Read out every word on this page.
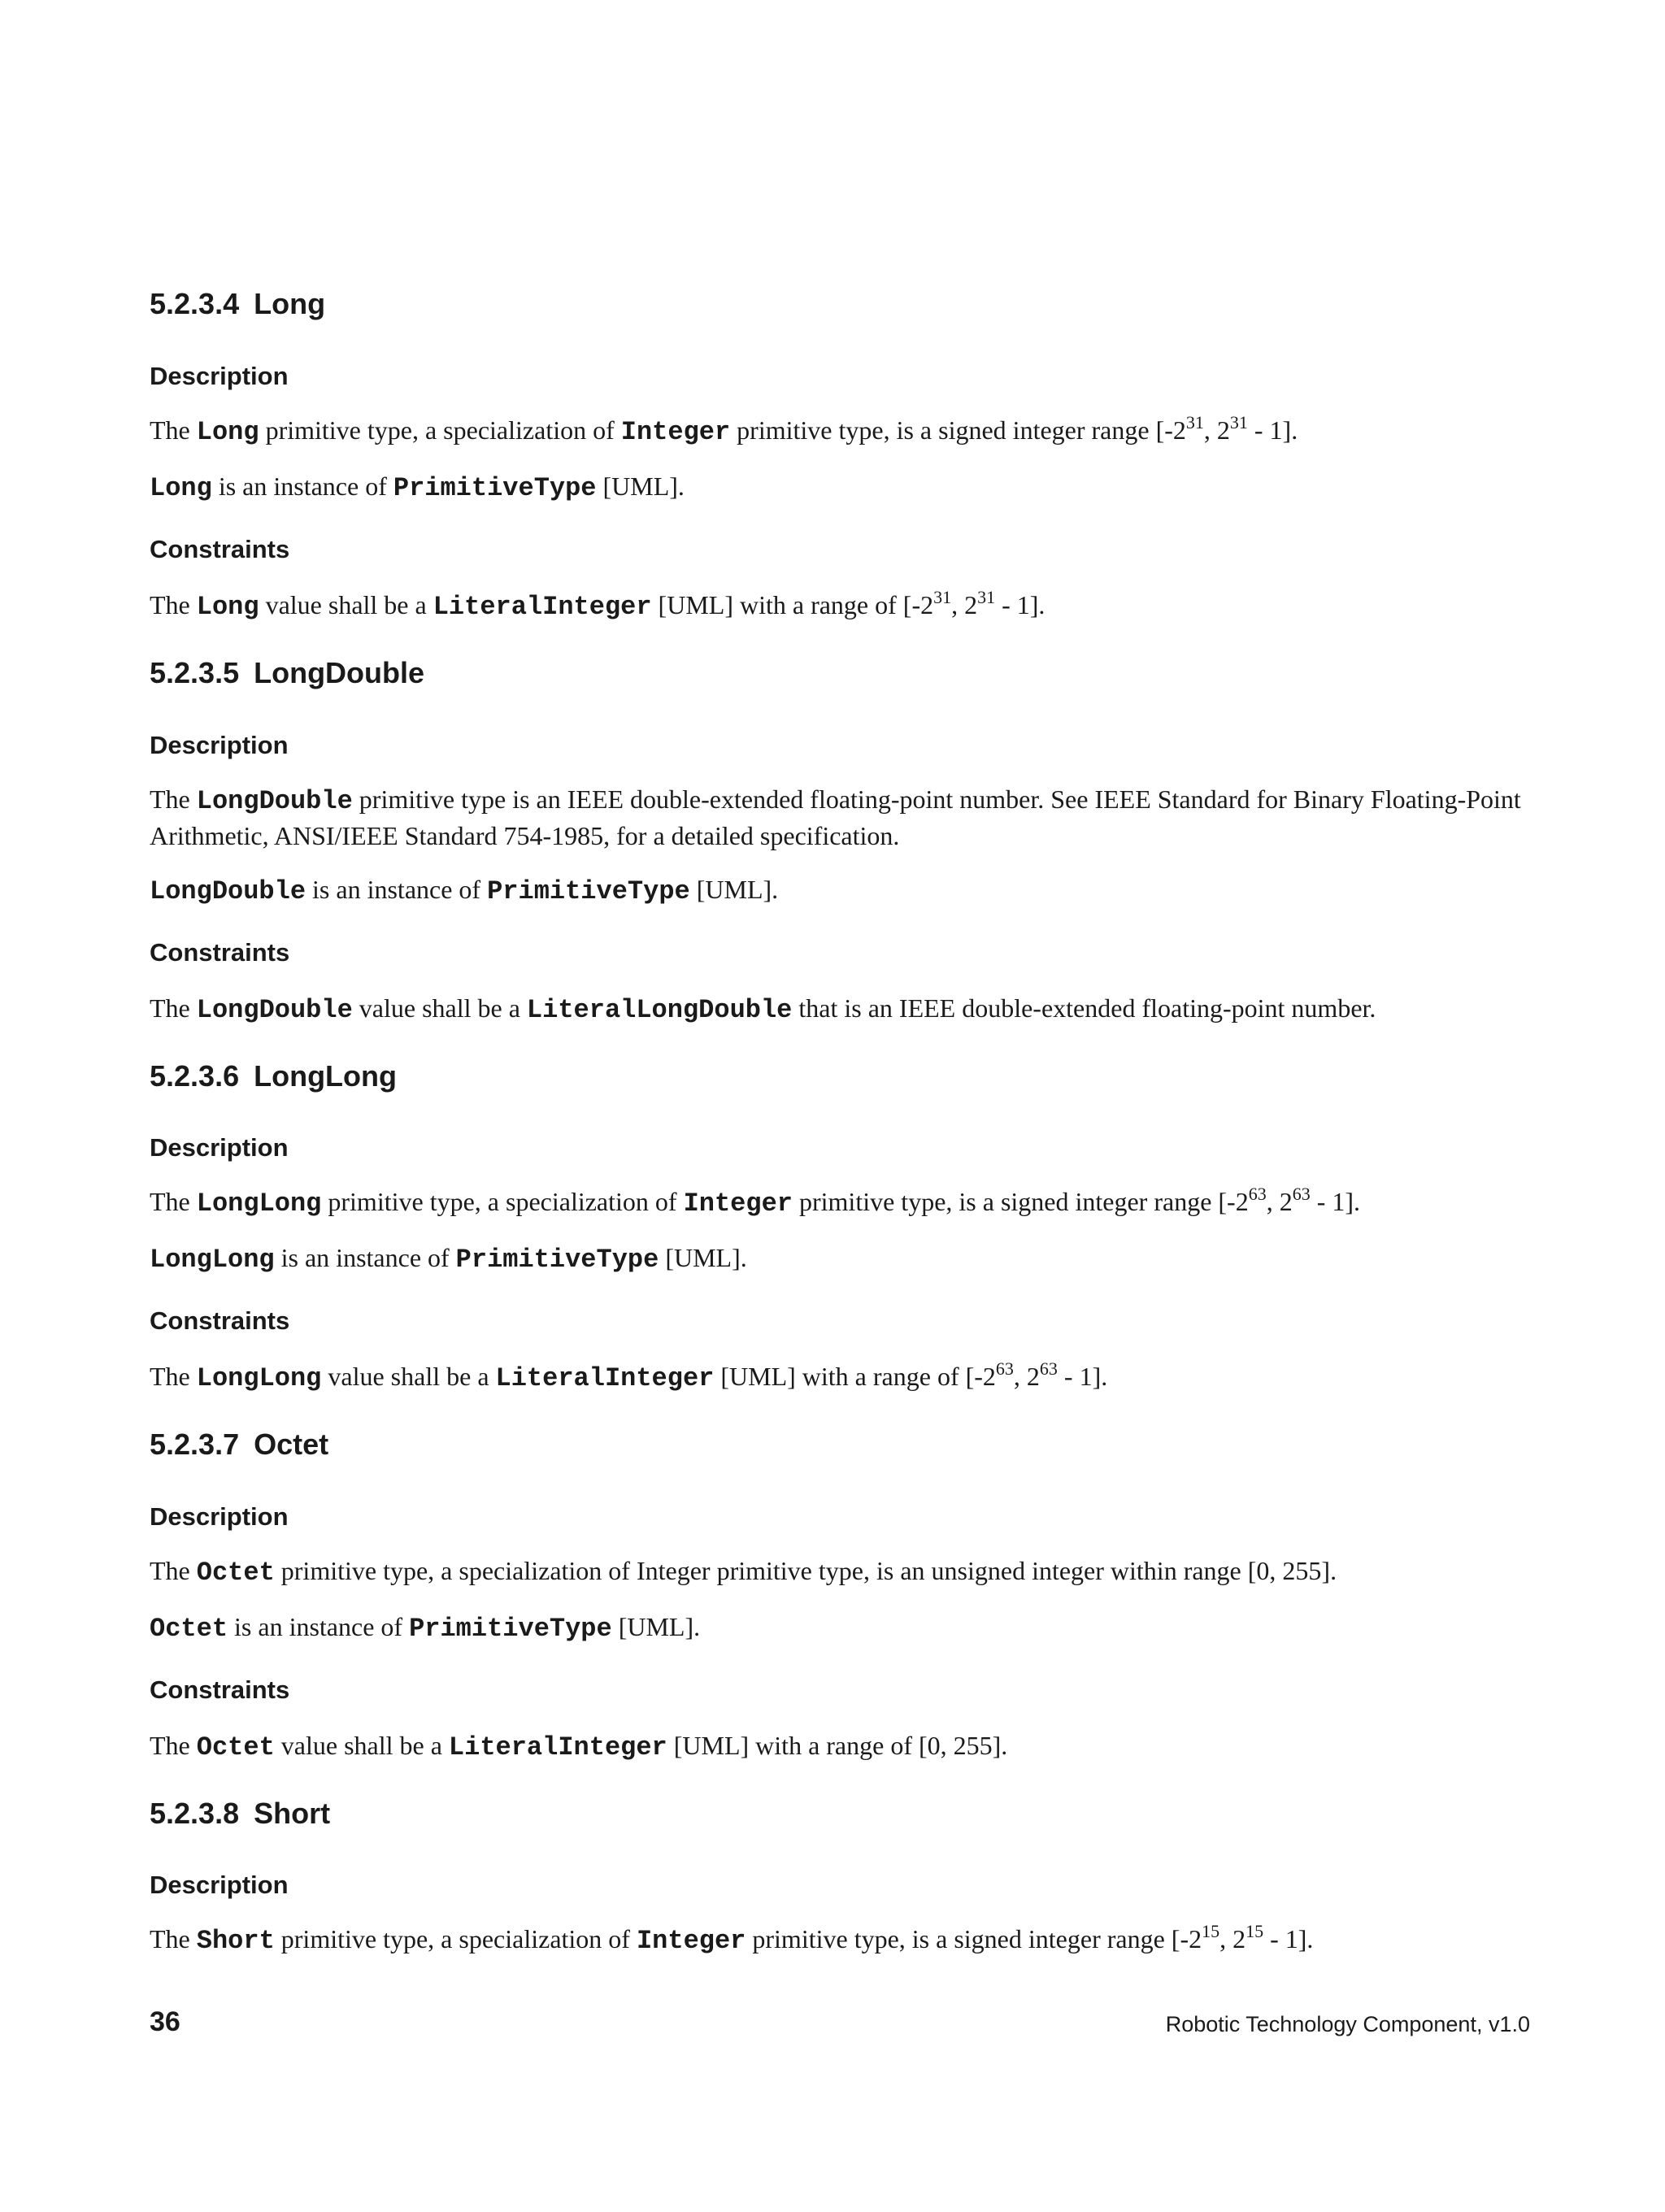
5.2.3.4 Long
Description

The Long primitive type, a specialization of Integer primitive type, is a signed integer range [$-2^{31}$, $2^{31} - 1$].

Long is an instance of PrimitiveType [UML].

Constraints

The Long value shall be a LiteralInteger [UML] with a range of [$-2^{31}$, $2^{31} - 1$].

5.2.3.5 LongDouble
Description

The LongDouble primitive type is an IEEE double-extended floating-point number. See IEEE Standard for Binary Floating-Point Arithmetic, ANSI/IEEE Standard 754-1985, for a detailed specification.

LongDouble is an instance of PrimitiveType [UML].

Constraints

The LongDouble value shall be a LiteralLongDouble that is an IEEE double-extended floating-point number.

5.2.3.6 LongLong
Description

The LongLong primitive type, a specialization of Integer primitive type, is a signed integer range [$-2^{63}$, $2^{63} - 1$].

LongLong is an instance of PrimitiveType [UML].

Constraints

The LongLong value shall be a LiteralInteger [UML] with a range of [$-2^{63}$, $2^{63} - 1$].

5.2.3.7 Octet
Description

The Octet primitive type, a specialization of Integer primitive type, is an unsigned integer within range [0, 255].

Octet is an instance of PrimitiveType [UML].

Constraints

The Octet value shall be a LiteralInteger [UML] with a range of [0, 255].

5.2.3.8 Short
Description

The Short primitive type, a specialization of Integer primitive type, is a signed integer range [$-2^{15}$, $2^{15} - 1$].

36	Robotic Technology Component, v1.0
